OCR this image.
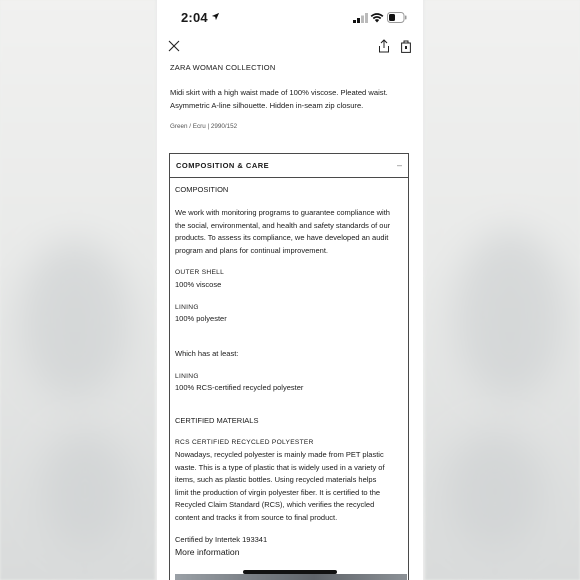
2:04
ZARA WOMAN COLLECTION
Midi skirt with a high waist made of 100% viscose. Pleated waist.
Asymmetric A-line silhouette. Hidden in-seam zip closure.
Green / Ecru | 2990/152
COMPOSITION & CARE	–
COMPOSITION
We work with monitoring programs to guarantee compliance with
the social, environmental, and health and safety standards of our
products. To assess its compliance, we have developed an audit
program and plans for continual improvement.
OUTER SHELL
100% viscose
LINING
100% polyester
Which has at least:
LINING
100% RCS-certified recycled polyester
CERTIFIED MATERIALS
RCS CERTIFIED RECYCLED POLYESTER
Nowadays, recycled polyester is mainly made from PET plastic
waste. This is a type of plastic that is widely used in a variety of
items, such as plastic bottles. Using recycled materials helps
limit the production of virgin polyester fiber. It is certified to the
Recycled Claim Standard (RCS), which verifies the recycled
content and tracks it from source to final product.
Certified by Intertek 193341
More information
